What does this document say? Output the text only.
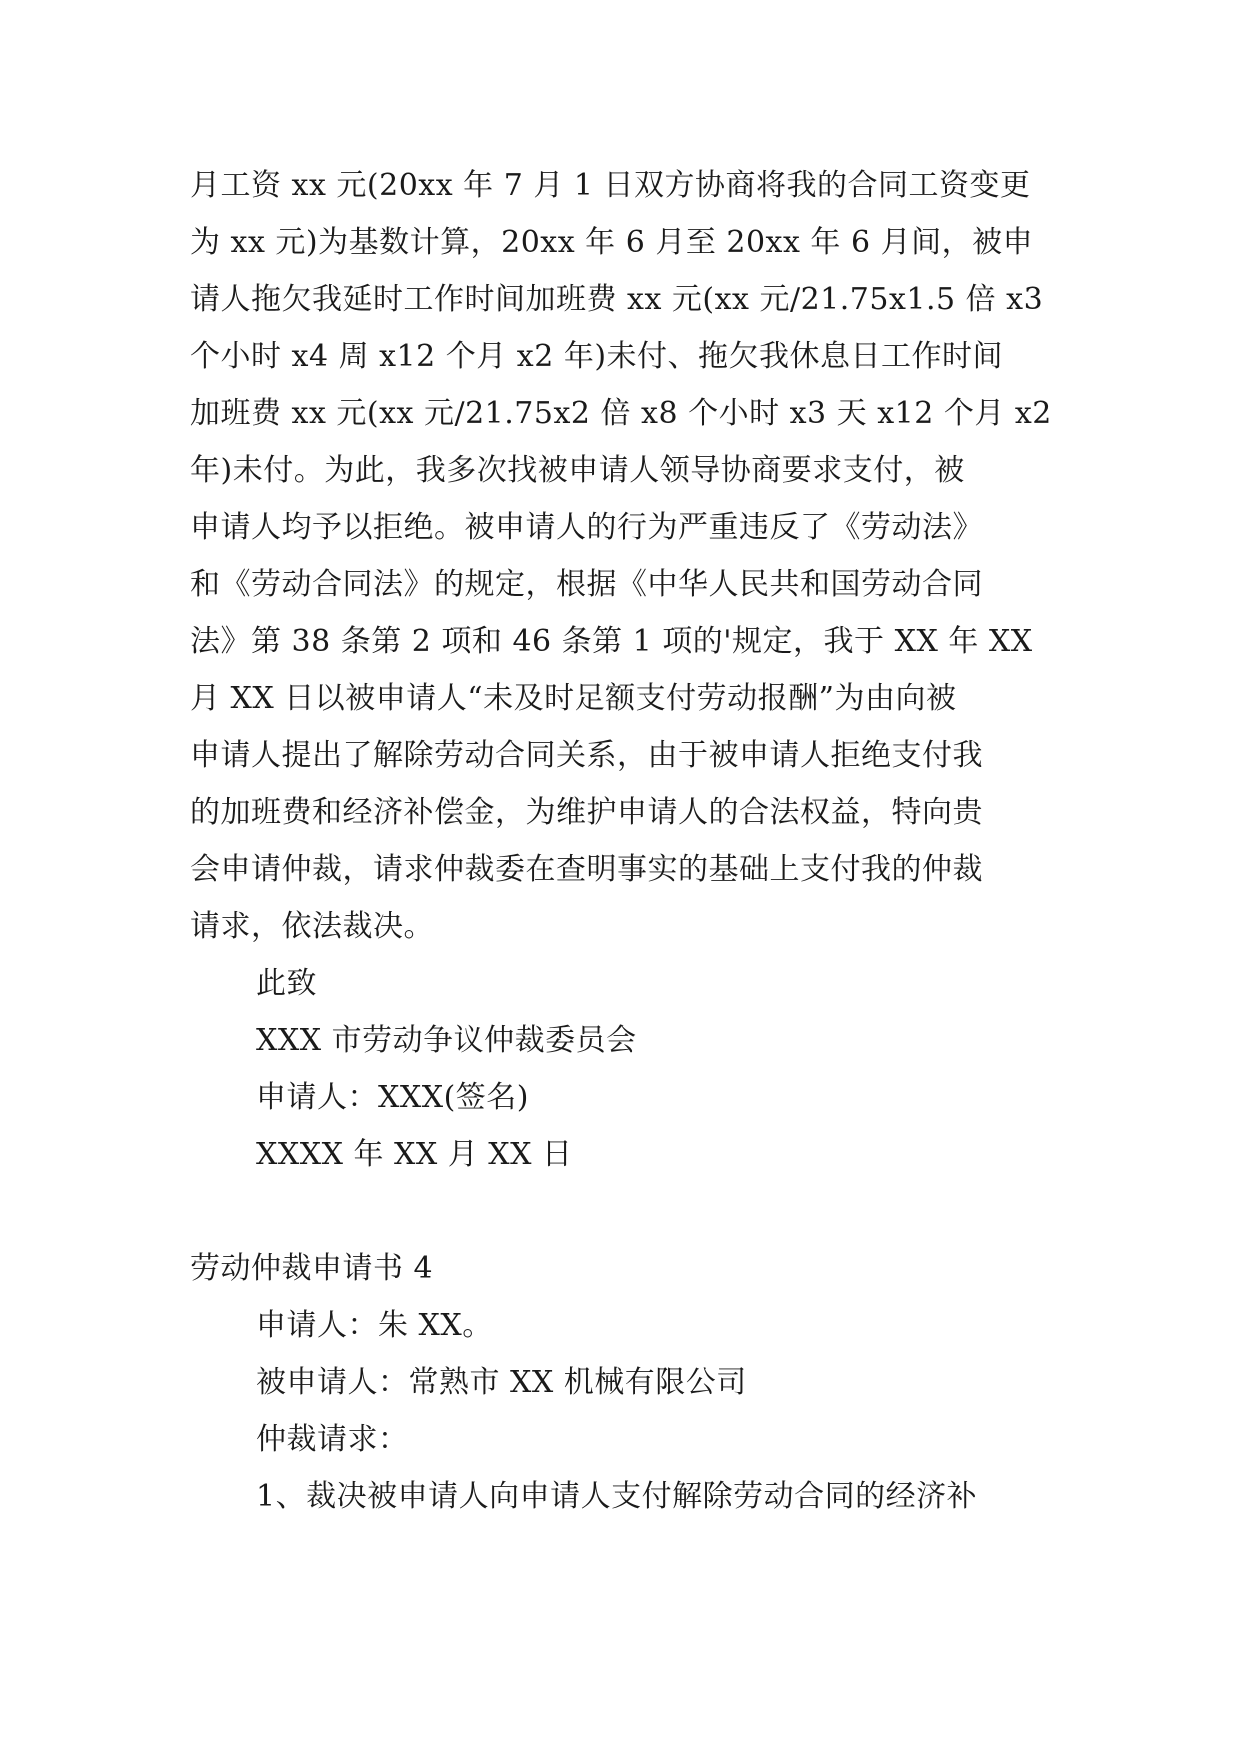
月工资 xx 元(20xx 年 7 月 1 日双方协商将我的合同工资变更
为 xx 元)为基数计算，20xx 年 6 月至 20xx 年 6 月间，被申
请人拖欠我延时工作时间加班费 xx 元(xx 元/21.75x1.5 倍 x3
个小时 x4 周 x12 个月 x2 年)未付、拖欠我休息日工作时间
加班费 xx 元(xx 元/21.75x2 倍 x8 个小时 x3 天 x12 个月 x2
年)未付。为此，我多次找被申请人领导协商要求支付，被
申请人均予以拒绝。被申请人的行为严重违反了《劳动法》
和《劳动合同法》的规定，根据《中华人民共和国劳动合同
法》第 38 条第 2 项和 46 条第 1 项的'规定，我于 XX 年 XX
月 XX 日以被申请人“未及时足额支付劳动报酬”为由向被
申请人提出了解除劳动合同关系，由于被申请人拒绝支付我
的加班费和经济补偿金，为维护申请人的合法权益，特向贵
会申请仲裁，请求仲裁委在查明事实的基础上支付我的仲裁
请求，依法裁决。
此致
XXX 市劳动争议仲裁委员会
申请人：XXX(签名)
XXXX 年 XX 月 XX 日
劳动仲裁申请书 4
申请人：朱 XX。
被申请人：常熟市 XX 机械有限公司
仲裁请求：
1、裁决被申请人向申请人支付解除劳动合同的经济补
